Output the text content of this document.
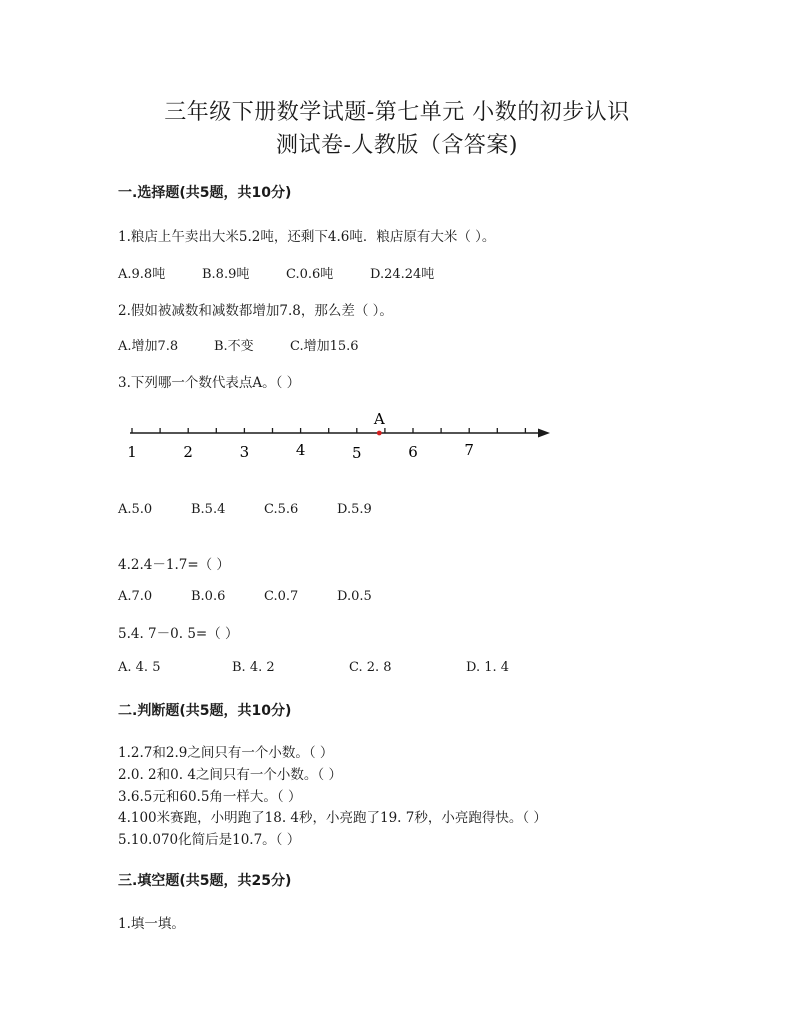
三年级下册数学试题-第七单元 小数的初步认识
测试卷-人教版（含答案)
一.选择题(共5题，共10分)
1.粮店上午卖出大米5.2吨，还剩下4.6吨．粮店原有大米（ ）。
A.9.8吨	B.8.9吨	C.0.6吨	D.24.24吨
2.假如被减数和减数都增加7.8，那么差（ ）。
A.增加7.8	B.不变	C.增加15.6
3.下列哪一个数代表点A。（ ）
1	2	3	4	5	6	7
A
A.5.0	B.5.4	C.5.6	D.5.9
4.2.4－1.7=（ ）
A.7.0	B.0.6	C.0.7	D.0.5
5.4. 7－0. 5=（ ）
A. 4. 5	B. 4. 2	C. 2. 8	D. 1. 4
二.判断题(共5题，共10分)
1.2.7和2.9之间只有一个小数。（ ）
2.0. 2和0. 4之间只有一个小数。（ ）
3.6.5元和60.5角一样大。（ ）
4.100米赛跑，小明跑了18. 4秒，小亮跑了19. 7秒，小亮跑得快。（ ）
5.10.070化简后是10.7。（ ）
三.填空题(共5题，共25分)
1.填一填。
